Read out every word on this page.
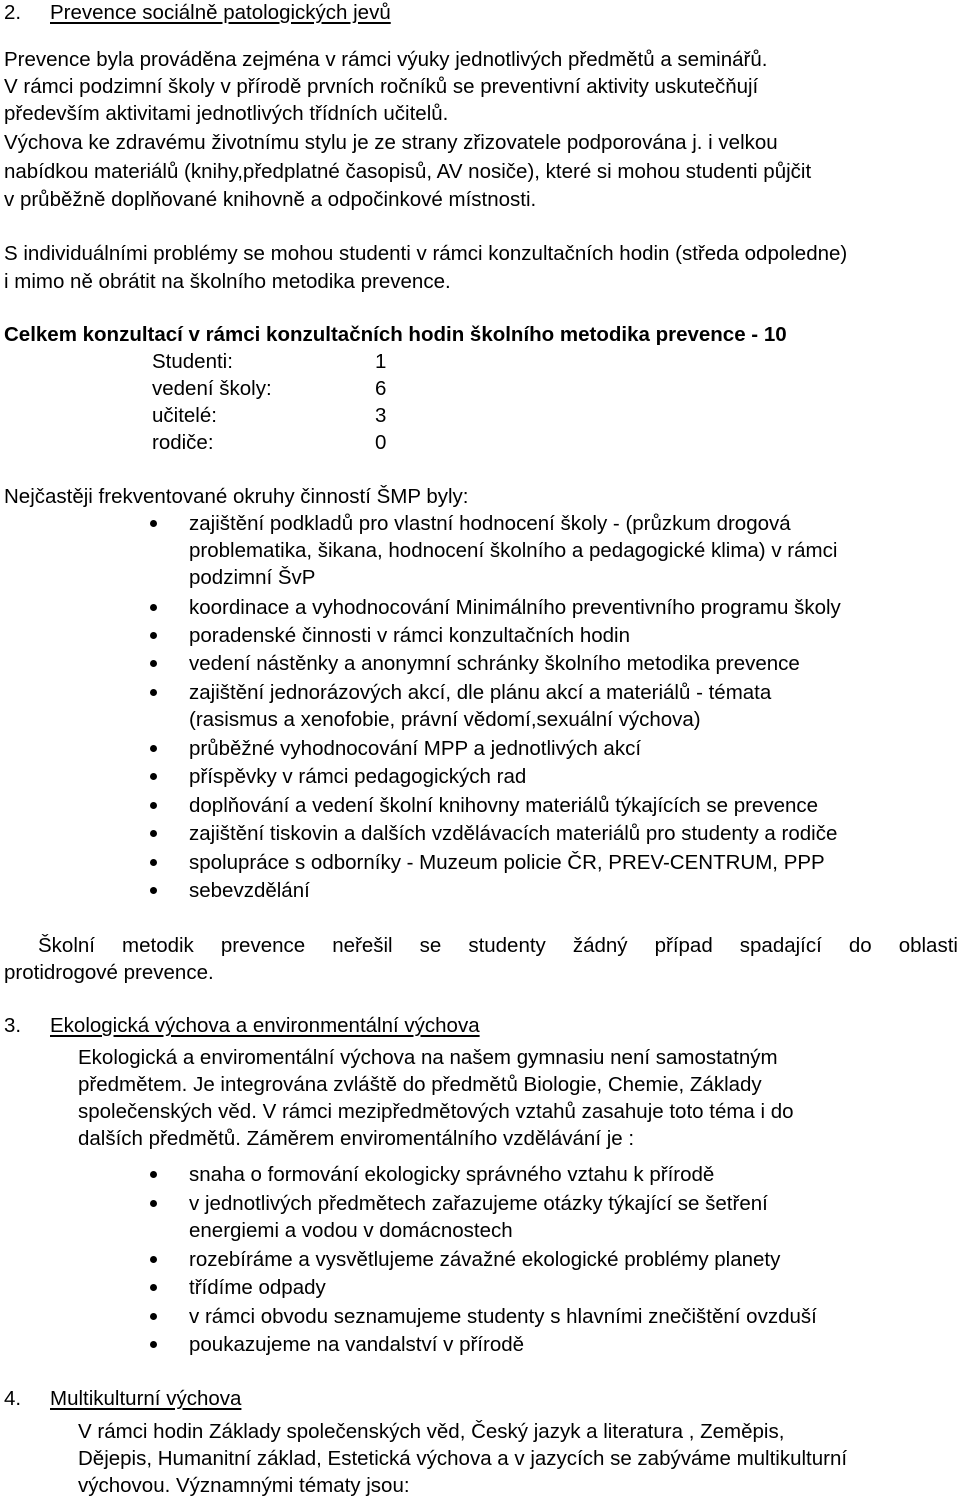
2. Prevence sociálně patologických jevů
Prevence byla prováděna zejména v rámci výuky jednotlivých předmětů a seminářů.
V rámci podzimní školy v přírodě prvních ročníků se preventivní aktivity uskutečňují
především aktivitami jednotlivých třídních učitelů.
Výchova ke zdravému životnímu stylu je ze strany zřizovatele podporována j. i velkou
nabídkou materiálů (knihy,předplatné časopisů, AV nosiče), které si mohou studenti půjčit
v průběžně doplňované knihovně a odpočinkové místnosti.
S individuálními problémy se mohou studenti v rámci konzultačních hodin (středa odpoledne)
i mimo ně obrátit na školního metodika prevence.
Celkem konzultací v rámci konzultačních hodin školního metodika prevence - 10
Studenti:	1
vedení školy:	6
učitelé:	3
rodiče:	0
Nejčastěji frekventované okruhy činností ŠMP byly:
zajištění podkladů pro vlastní hodnocení školy - (průzkum drogová
problematika, šikana, hodnocení školního a pedagogické klima) v rámci
podzimní ŠvP
koordinace a vyhodnocování Minimálního preventivního programu školy
poradenské činnosti v rámci konzultačních hodin
vedení nástěnky a anonymní schránky školního metodika prevence
zajištění jednorázových akcí, dle plánu akcí a materiálů - témata
(rasismus a xenofobie, právní vědomí,sexuální výchova)
průběžné vyhodnocování MPP a jednotlivých akcí
příspěvky v rámci pedagogických rad
doplňování a vedení školní knihovny materiálů týkajících se prevence
zajištění tiskovin a dalších vzdělávacích materiálů pro studenty a rodiče
spolupráce s odborníky - Muzeum policie ČR, PREV-CENTRUM, PPP
sebevzdělání
Školní metodik prevence neřešil se studenty žádný případ spadající do oblasti
protidrogové prevence.
3. Ekologická výchova a environmentální výchova
Ekologická a enviromentální výchova na našem gymnasiu není samostatným
předmětem. Je integrována zvláště do předmětů Biologie, Chemie, Základy
společenských věd. V rámci mezipředmětových vztahů zasahuje toto téma i do
dalších předmětů. Záměrem enviromentálního vzdělávání je :
snaha o formování ekologicky správného vztahu k přírodě
v jednotlivých předmětech zařazujeme otázky týkající se šetření
energiemi a vodou v domácnostech
rozebíráme a vysvětlujeme závažné ekologické problémy planety
třídíme odpady
v rámci obvodu seznamujeme studenty s hlavními znečištění ovzduší
poukazujeme na vandalství v přírodě
4. Multikulturní výchova
V rámci hodin Základy společenských věd, Český jazyk a literatura , Zeměpis,
Dějepis, Humanitní základ, Estetická výchova a v jazycích se zabýváme multikulturní
výchovou. Významnými tématy jsou:
